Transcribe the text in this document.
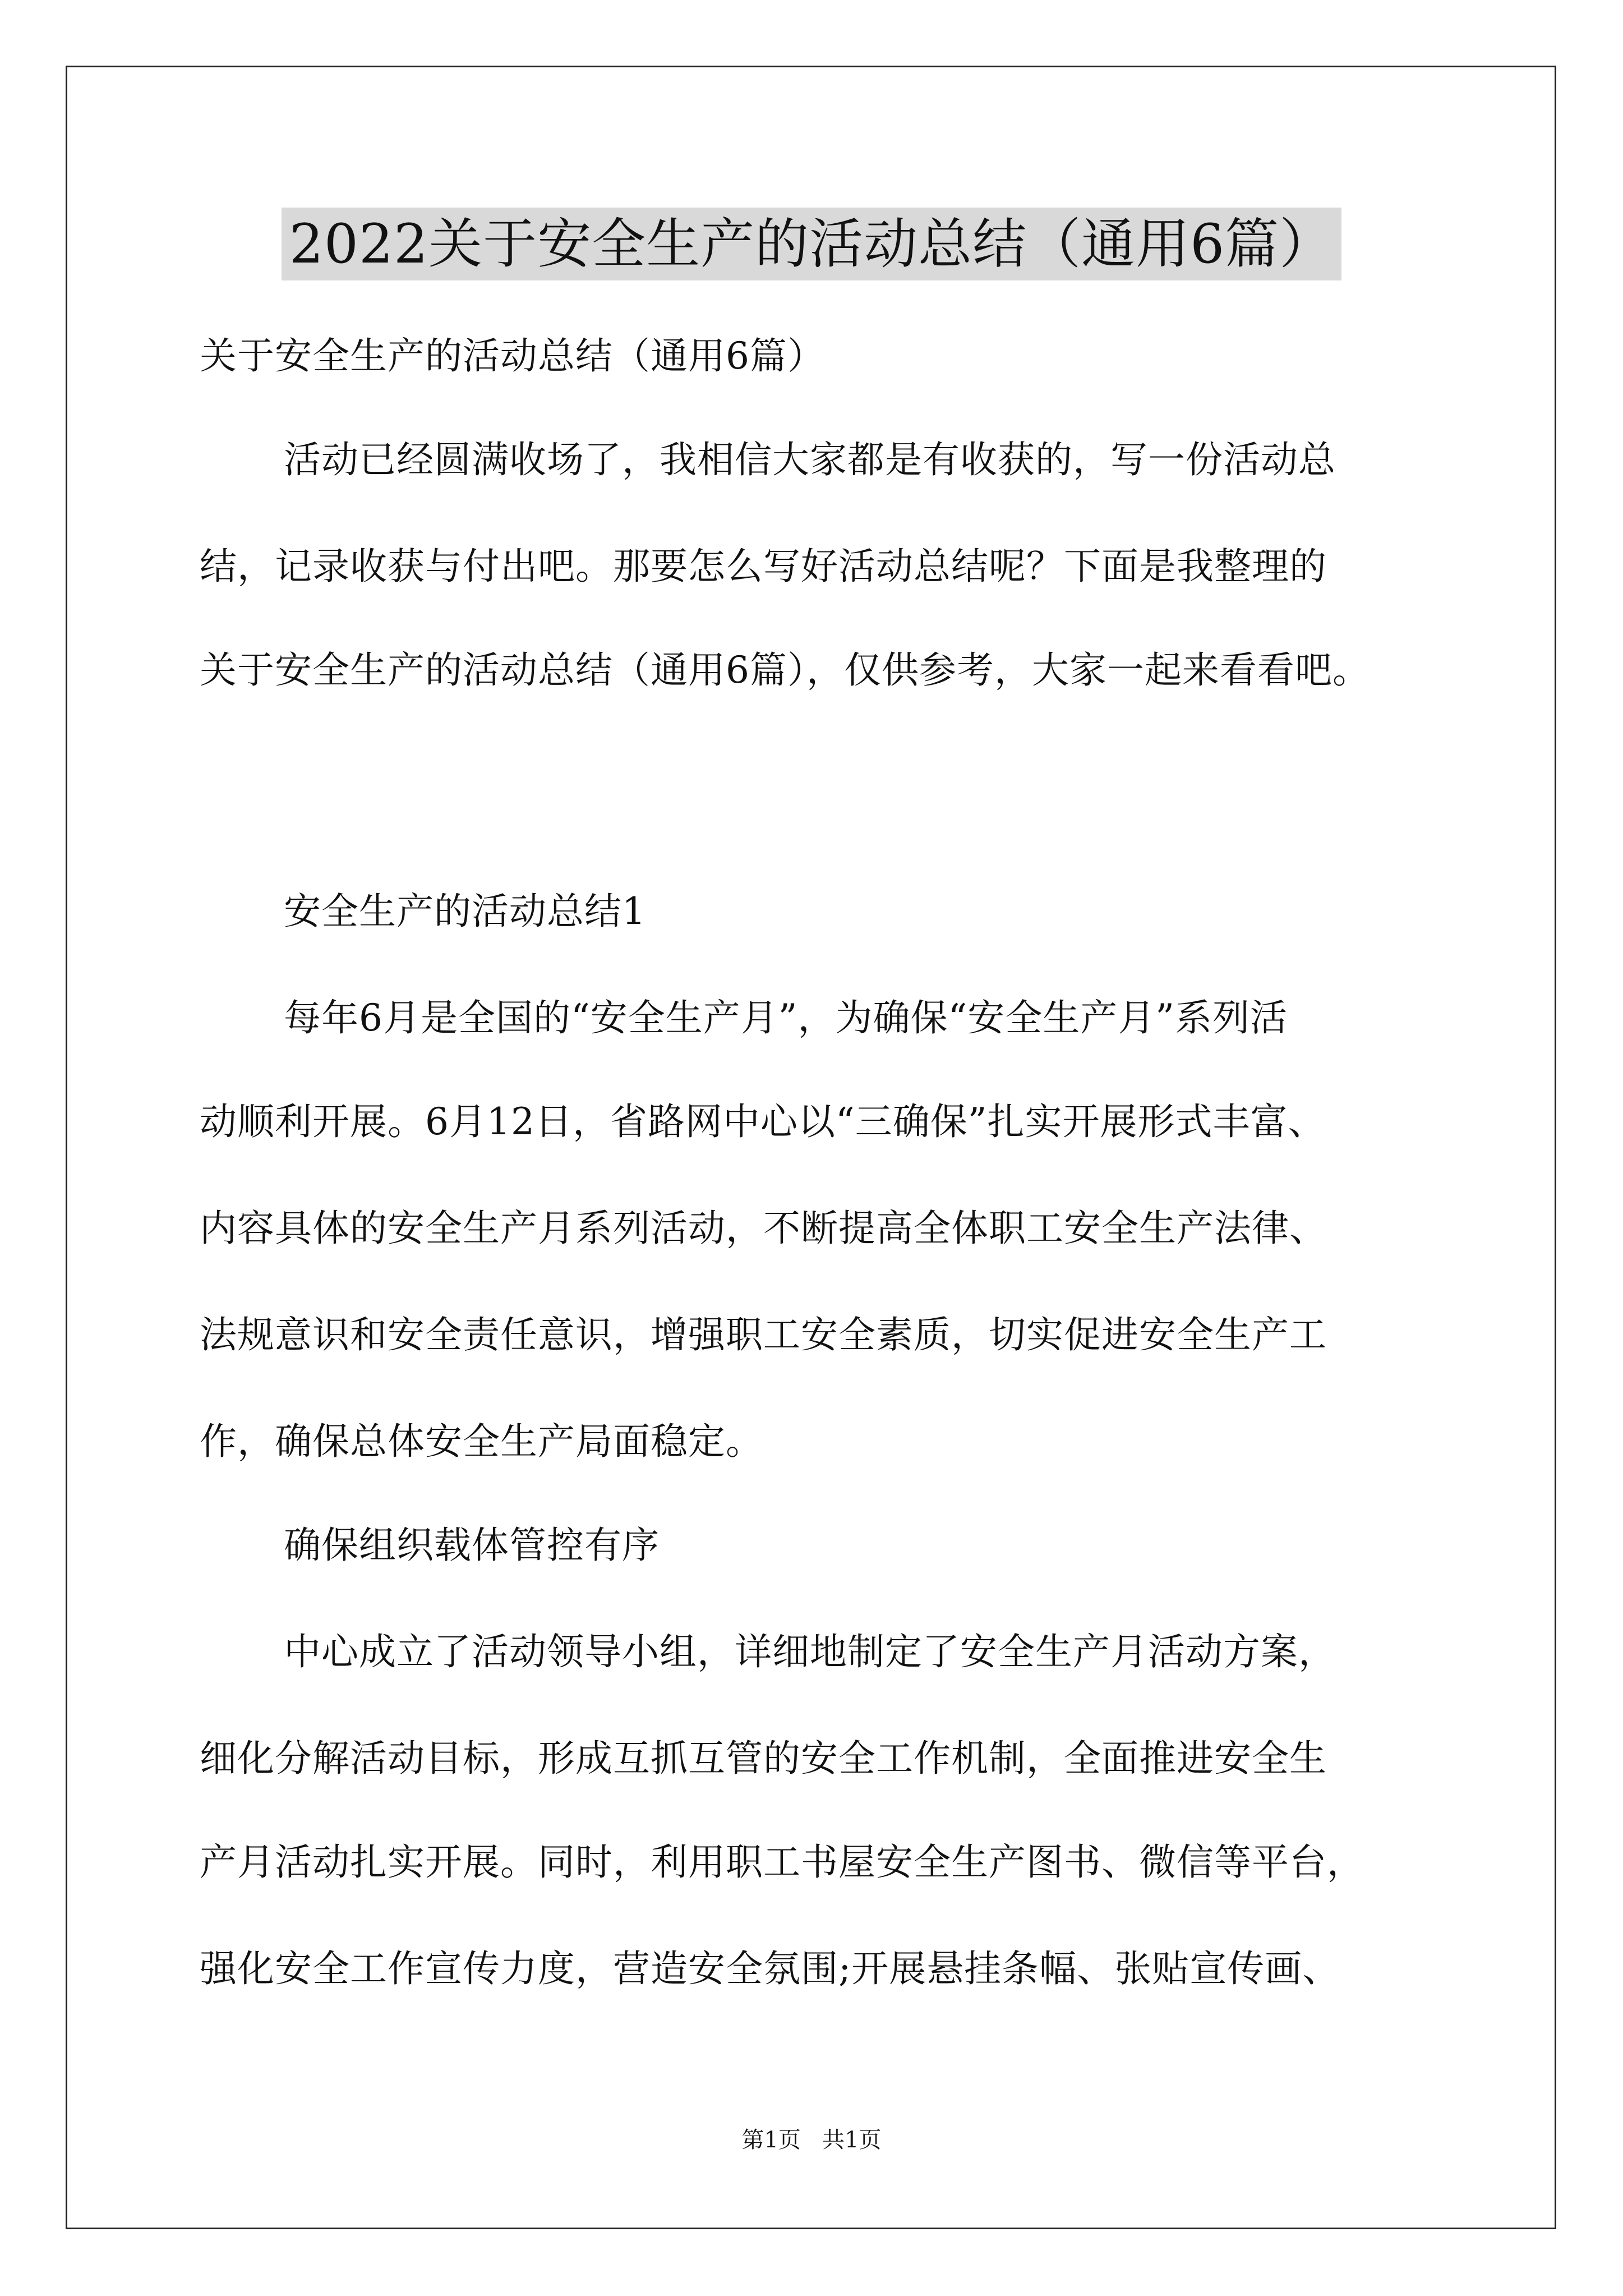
2022关于安全生产的活动总结（通用6篇）
关于安全生产的活动总结（通用6篇）
活动已经圆满收场了，我相信大家都是有收获的，写一份活动总
结，记录收获与付出吧。那要怎么写好活动总结呢？下面是我整理的
关于安全生产的活动总结（通用6篇），仅供参考，大家一起来看看吧。
安全生产的活动总结1
每年6月是全国的“安全生产月”，为确保“安全生产月”系列活
动顺利开展。6月12日，省路网中心以“三确保”扎实开展形式丰富、
内容具体的安全生产月系列活动，不断提高全体职工安全生产法律、
法规意识和安全责任意识，增强职工安全素质，切实促进安全生产工
作，确保总体安全生产局面稳定。
确保组织载体管控有序
中心成立了活动领导小组，详细地制定了安全生产月活动方案，
细化分解活动目标，形成互抓互管的安全工作机制，全面推进安全生
产月活动扎实开展。同时，利用职工书屋安全生产图书、微信等平台，
强化安全工作宣传力度，营造安全氛围;开展悬挂条幅、张贴宣传画、
第1页   共1页
